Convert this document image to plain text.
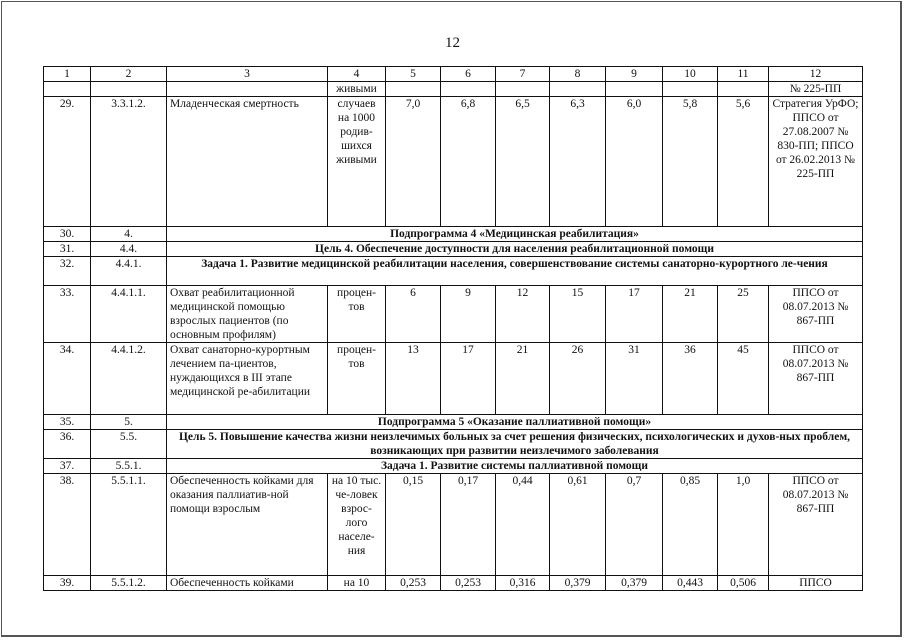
12
1	2	3	4	5	6	7	8	9	10	11	12
			живыми								№ 225-ПП
29.	3.3.1.2.	Младенческая смертность	случаев на 1000 родив-шихся живыми	7,0	6,8	6,5	6,3	6,0	5,8	5,6	Стратегия УрФО; ППСО от 27.08.2007 № 830-ПП; ППСО от 26.02.2013 № 225-ПП
30.	4.	Подпрограмма 4 «Медицинская реабилитация»									
31.	4.4.	Цель 4. Обеспечение доступности для населения реабилитационной помощи									
32.	4.4.1.	Задача 1. Развитие медицинской реабилитации населения, совершенствование системы санаторно-курортного ле-чения									
33.	4.4.1.1.	Охват реабилитационной медицинской помощью взрослых пациентов (по основным профилям)	процен-тов	6	9	12	15	17	21	25	ППСО от 08.07.2013 № 867-ПП
34.	4.4.1.2.	Охват санаторно-курортным лечением па-циентов, нуждающихся в III этапе медицинской ре-абилитации	процен-тов	13	17	21	26	31	36	45	ППСО от 08.07.2013 № 867-ПП
35.	5.	Подпрограмма 5 «Оказание паллиативной помощи»									
36.	5.5.	Цель 5. Повышение качества жизни неизлечимых больных за счет решения физических, психологических и духов-ных проблем, возникающих при развитии неизлечимого заболевания									
37.	5.5.1.	Задача 1. Развитие системы паллиативной помощи									
38.	5.5.1.1.	Обеспеченность койками для оказания паллиатив-ной помощи взрослым	на 10 тыс. че-ловек взрос-лого населе-ния	0,15	0,17	0,44	0,61	0,7	0,85	1,0	ППСО от 08.07.2013 № 867-ПП
39.	5.5.1.2.	Обеспеченность койками	на 10	0,253	0,253	0,316	0,379	0,379	0,443	0,506	ППСО
